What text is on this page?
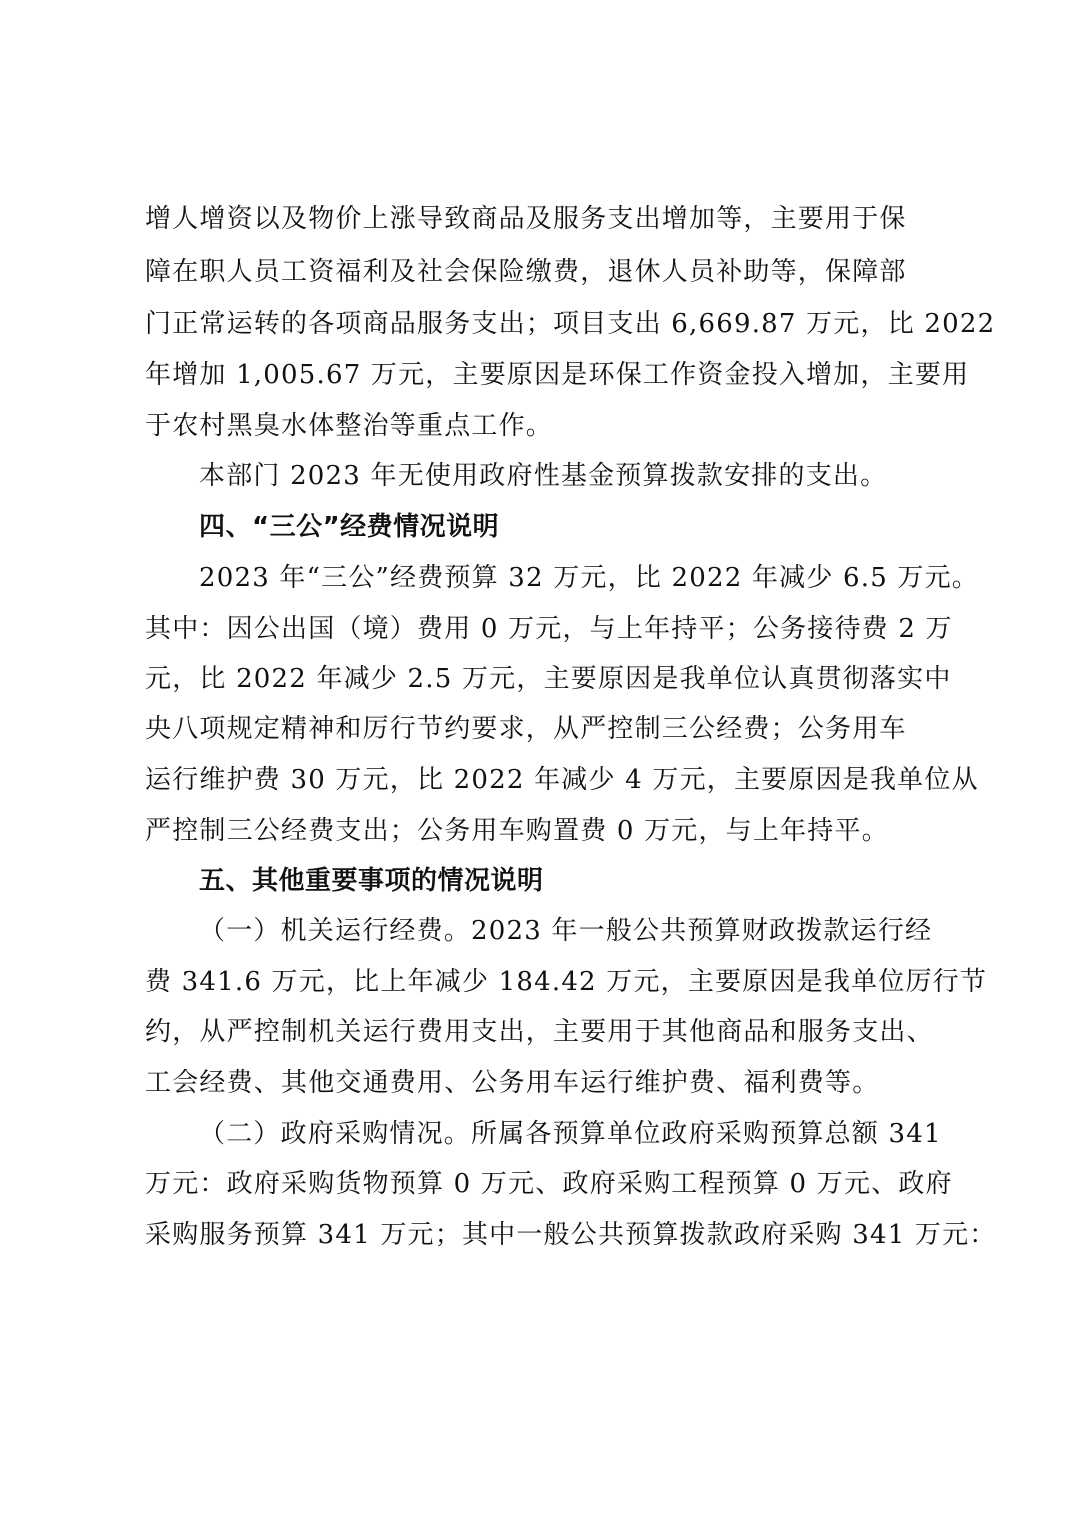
增人增资以及物价上涨导致商品及服务支出增加等，主要用于保
障在职人员工资福利及社会保险缴费，退休人员补助等，保障部
门正常运转的各项商品服务支出；项目支出 6,669.87 万元，比 2022
年增加 1,005.67 万元，主要原因是环保工作资金投入增加，主要用
于农村黑臭水体整治等重点工作。
本部门 2023 年无使用政府性基金预算拨款安排的支出。
四、“三公”经费情况说明
2023 年“三公”经费预算 32 万元，比 2022 年减少 6.5 万元。
其中：因公出国（境）费用 0 万元，与上年持平；公务接待费 2 万
元，比 2022 年减少 2.5 万元，主要原因是我单位认真贯彻落实中
央八项规定精神和厉行节约要求，从严控制三公经费；公务用车
运行维护费 30 万元，比 2022 年减少 4 万元，主要原因是我单位从
严控制三公经费支出；公务用车购置费 0 万元，与上年持平。
五、其他重要事项的情况说明
（一）机关运行经费。2023 年一般公共预算财政拨款运行经
费 341.6 万元，比上年减少 184.42 万元，主要原因是我单位厉行节
约，从严控制机关运行费用支出，主要用于其他商品和服务支出、
工会经费、其他交通费用、公务用车运行维护费、福利费等。
（二）政府采购情况。所属各预算单位政府采购预算总额 341
万元：政府采购货物预算 0 万元、政府采购工程预算 0 万元、政府
采购服务预算 341 万元；其中一般公共预算拨款政府采购 341 万元：
